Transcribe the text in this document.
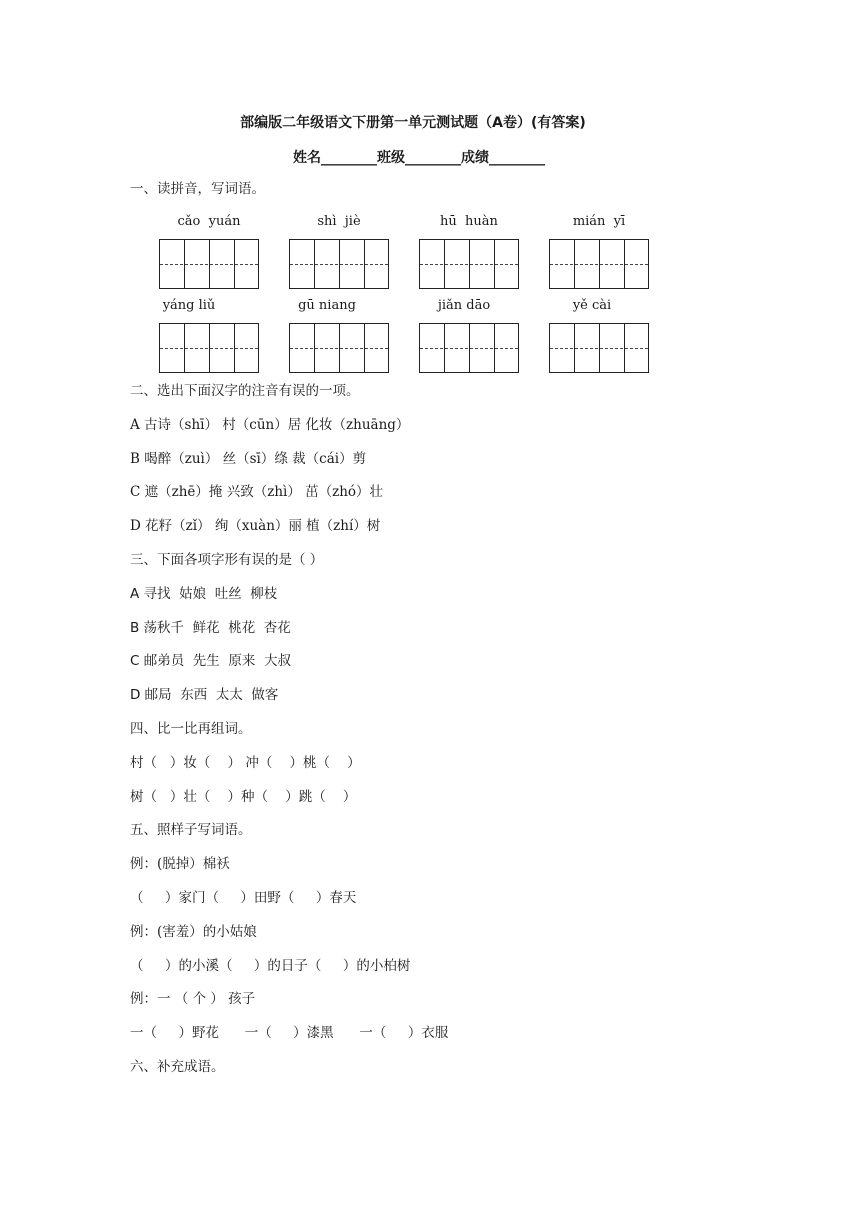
部编版二年级语文下册第一单元测试题（A卷）(有答案)
姓名________班级________成绩________
一、读拼音，写词语。
cǎo  yuán	shì  jiè	hū  huàn	mián  yī
yáng liǔ	gū niang	jiǎn dāo	yě cài
二、选出下面汉字的注音有误的一项。
A 古诗（shī） 村（cūn）居 化妆（zhuāng）
B 喝醉（zuì） 丝（sī）绦 裁（cái）剪
C 遮（zhē）掩 兴致（zhì） 茁（zhó）壮
D 花籽（zǐ） 绚（xuàn）丽 植（zhí）树
三、下面各项字形有误的是（ ）
A 寻找  姑娘  吐丝  柳枝
B 荡秋千  鲜花  桃花  杏花
C 邮弟员  先生  原来  大叔
D 邮局  东西  太太  做客
四、比一比再组词。
村（   ）妆（    ） 冲（    ）桃（    ）
树（   ）壮（    ）种（    ）跳（    ）
五、照样子写词语。
例：(脱掉）棉袄
（     ）家门（     ）田野（     ）春天
例：(害羞）的小姑娘
（     ）的小溪（     ）的日子（     ）的小柏树
例：一 （ 个 ） 孩子
一（     ）野花      一（     ）漆黑      一（     ）衣服
六、补充成语。
